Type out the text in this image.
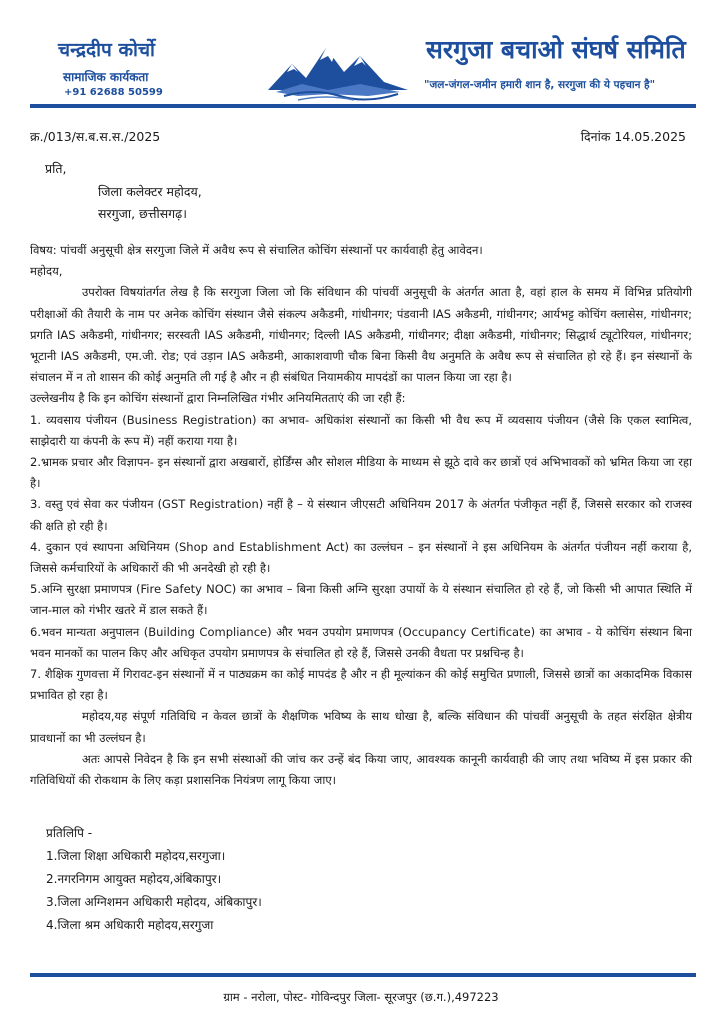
चन्द्रदीप कोर्चो
सामाजिक कार्यकता
+91 62688 50599
सरगुजा बचाओ संघर्ष समिति
"जल-जंगल-जमीन हमारी शान है, सरगुजा की ये पहचान है"
क्र./013/स.ब.स.स./2025	दिनांक 14.05.2025
प्रति,
जिला कलेक्टर महोदय,
सरगुजा, छत्तीसगढ़।

विषय: पांचवीं अनुसूची क्षेत्र सरगुजा जिले में अवैध रूप से संचालित कोचिंग संस्थानों पर कार्यवाही हेतु आवेदन।

महोदय,

उपरोक्त विषयांतर्गत लेख है कि सरगुजा जिला जो कि संविधान की पांचवीं अनुसूची के अंतर्गत आता है, वहां हाल के समय में विभिन्न प्रतियोगी परीक्षाओं की तैयारी के नाम पर अनेक कोचिंग संस्थान जैसे संकल्प अकैडमी, गांधीनगर; पंडवानी IAS अकैडमी, गांधीनगर; आर्यभट्ट कोचिंग क्लासेस, गांधीनगर; प्रगति IAS अकैडमी, गांधीनगर; सरस्वती IAS अकैडमी, गांधीनगर; दिल्ली IAS अकैडमी, गांधीनगर; दीक्षा अकैडमी, गांधीनगर; सिद्धार्थ ट्यूटोरियल, गांधीनगर; भूटानी IAS अकैडमी, एम.जी. रोड; एवं उड़ान IAS अकैडमी, आकाशवाणी चौक बिना किसी वैध अनुमति के अवैध रूप से संचालित हो रहे हैं। इन संस्थानों के संचालन में न तो शासन की कोई अनुमति ली गई है और न ही संबंधित नियामकीय मापदंडों का पालन किया जा रहा है।

उल्लेखनीय है कि इन कोचिंग संस्थानों द्वारा निम्नलिखित गंभीर अनियमितताएं की जा रही हैं:

1. व्यवसाय पंजीयन (Business Registration) का अभाव- अधिकांश संस्थानों का किसी भी वैध रूप में व्यवसाय पंजीयन (जैसे कि एकल स्वामित्व, साझेदारी या कंपनी के रूप में) नहीं कराया गया है।

2.भ्रामक प्रचार और विज्ञापन- इन संस्थानों द्वारा अखबारों, होर्डिंग्स और सोशल मीडिया के माध्यम से झूठे दावे कर छात्रों एवं अभिभावकों को भ्रमित किया जा रहा है।

3. वस्तु एवं सेवा कर पंजीयन (GST Registration) नहीं है – ये संस्थान जीएसटी अधिनियम 2017 के अंतर्गत पंजीकृत नहीं हैं, जिससे सरकार को राजस्व की क्षति हो रही है।

4. दुकान एवं स्थापना अधिनियम (Shop and Establishment Act) का उल्लंघन – इन संस्थानों ने इस अधिनियम के अंतर्गत पंजीयन नहीं कराया है, जिससे कर्मचारियों के अधिकारों की भी अनदेखी हो रही है।

5.अग्नि सुरक्षा प्रमाणपत्र (Fire Safety NOC) का अभाव – बिना किसी अग्नि सुरक्षा उपायों के ये संस्थान संचालित हो रहे हैं, जो किसी भी आपात स्थिति में जान-माल को गंभीर खतरे में डाल सकते हैं।

6.भवन मान्यता अनुपालन (Building Compliance) और भवन उपयोग प्रमाणपत्र (Occupancy Certificate) का अभाव - ये कोचिंग संस्थान बिना भवन मानकों का पालन किए और अधिकृत उपयोग प्रमाणपत्र के संचालित हो रहे हैं, जिससे उनकी वैधता पर प्रश्नचिन्ह है।

7. शैक्षिक गुणवत्ता में गिरावट-इन संस्थानों में न पाठ्यक्रम का कोई मापदंड है और न ही मूल्यांकन की कोई समुचित प्रणाली, जिससे छात्रों का अकादमिक विकास प्रभावित हो रहा है।

महोदय,यह संपूर्ण गतिविधि न केवल छात्रों के शैक्षणिक भविष्य के साथ धोखा है, बल्कि संविधान की पांचवीं अनुसूची के तहत संरक्षित क्षेत्रीय प्रावधानों का भी उल्लंघन है।

अतः आपसे निवेदन है कि इन सभी संस्थाओं की जांच कर उन्हें बंद किया जाए, आवश्यक कानूनी कार्यवाही की जाए तथा भविष्य में इस प्रकार की गतिविधियों की रोकथाम के लिए कड़ा प्रशासनिक नियंत्रण लागू किया जाए।

प्रतिलिपि -
1.जिला शिक्षा अधिकारी महोदय,सरगुजा।
2.नगरनिगम आयुक्त महोदय,अंबिकापुर।
3.जिला अग्निशमन अधिकारी महोदय, अंबिकापुर।
4.जिला श्रम अधिकारी महोदय,सरगुजा
ग्राम - नरोला, पोस्ट- गोविन्दपुर जिला- सूरजपुर (छ.ग.),497223
